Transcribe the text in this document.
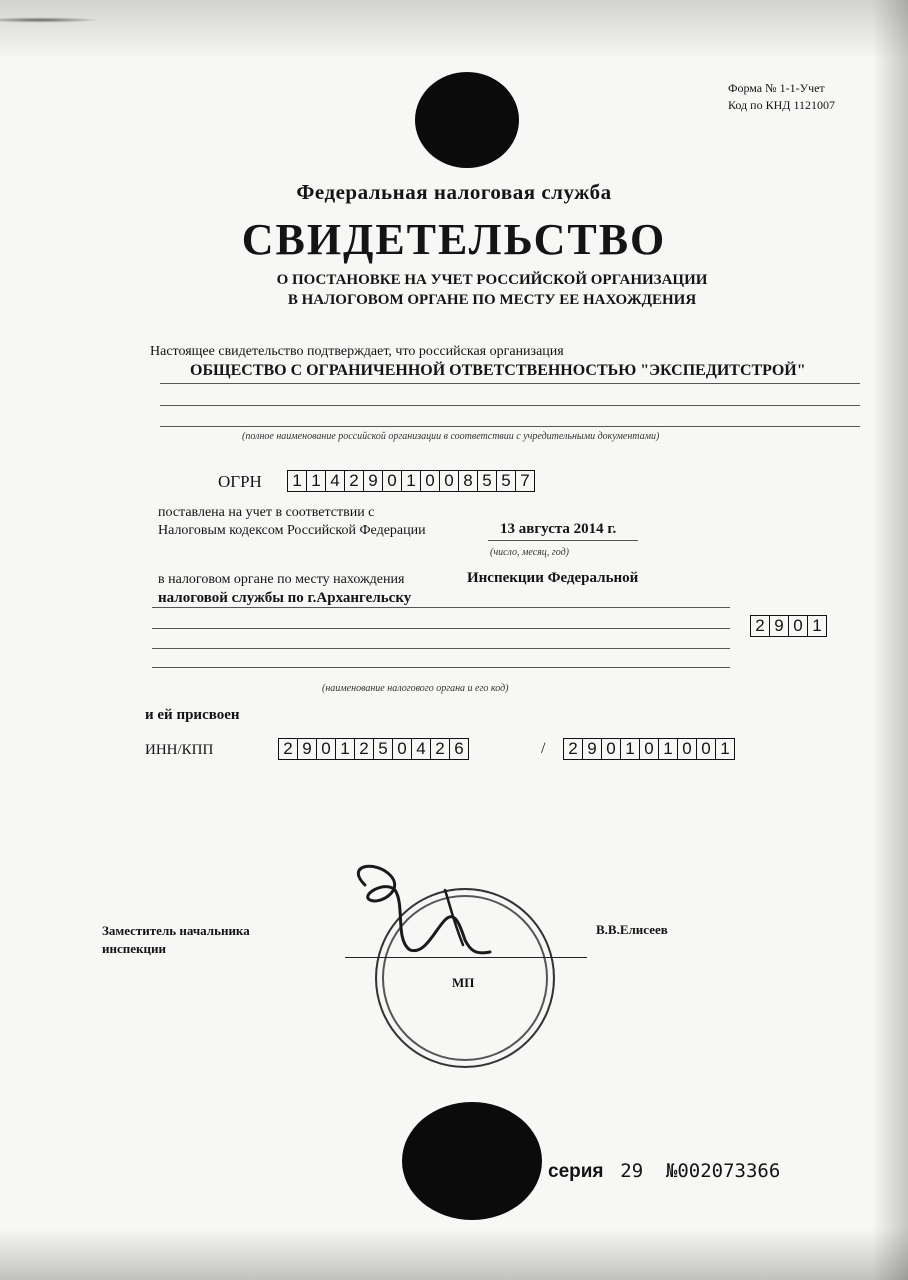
Форма № 1-1-Учет
Код по КНД 1121007
Федеральная налоговая служба
СВИДЕТЕЛЬСТВО
О ПОСТАНОВКЕ НА УЧЕТ РОССИЙСКОЙ ОРГАНИЗАЦИИ
В НАЛОГОВОМ ОРГАНЕ ПО МЕСТУ ЕЕ НАХОЖДЕНИЯ
Настоящее свидетельство подтверждает, что российская организация
ОБЩЕСТВО С ОГРАНИЧЕННОЙ ОТВЕТСТВЕННОСТЬЮ "ЭКСПЕДИТСТРОЙ"
(полное наименование российской организации в соответствии с учредительными документами)
ОГРН 1 1 4 2 9 0 1 0 0 8 5 5 7
поставлена на учет в соответствии с
Налоговым кодексом Российской Федерации	13 августа 2014 г.
(число, месяц, год)
в налоговом органе по месту нахождения	Инспекции Федеральной
налоговой службы по г.Архангельску
2 9 0 1
(наименование налогового органа и его код)
и ей присвоен
ИНН/КПП	2 9 0 1 2 5 0 4 2 6	/ 2 9 0 1 0 1 0 0 1
Заместитель начальника
инспекции
В.В.Елисеев
МП
серия 29 №002073366
